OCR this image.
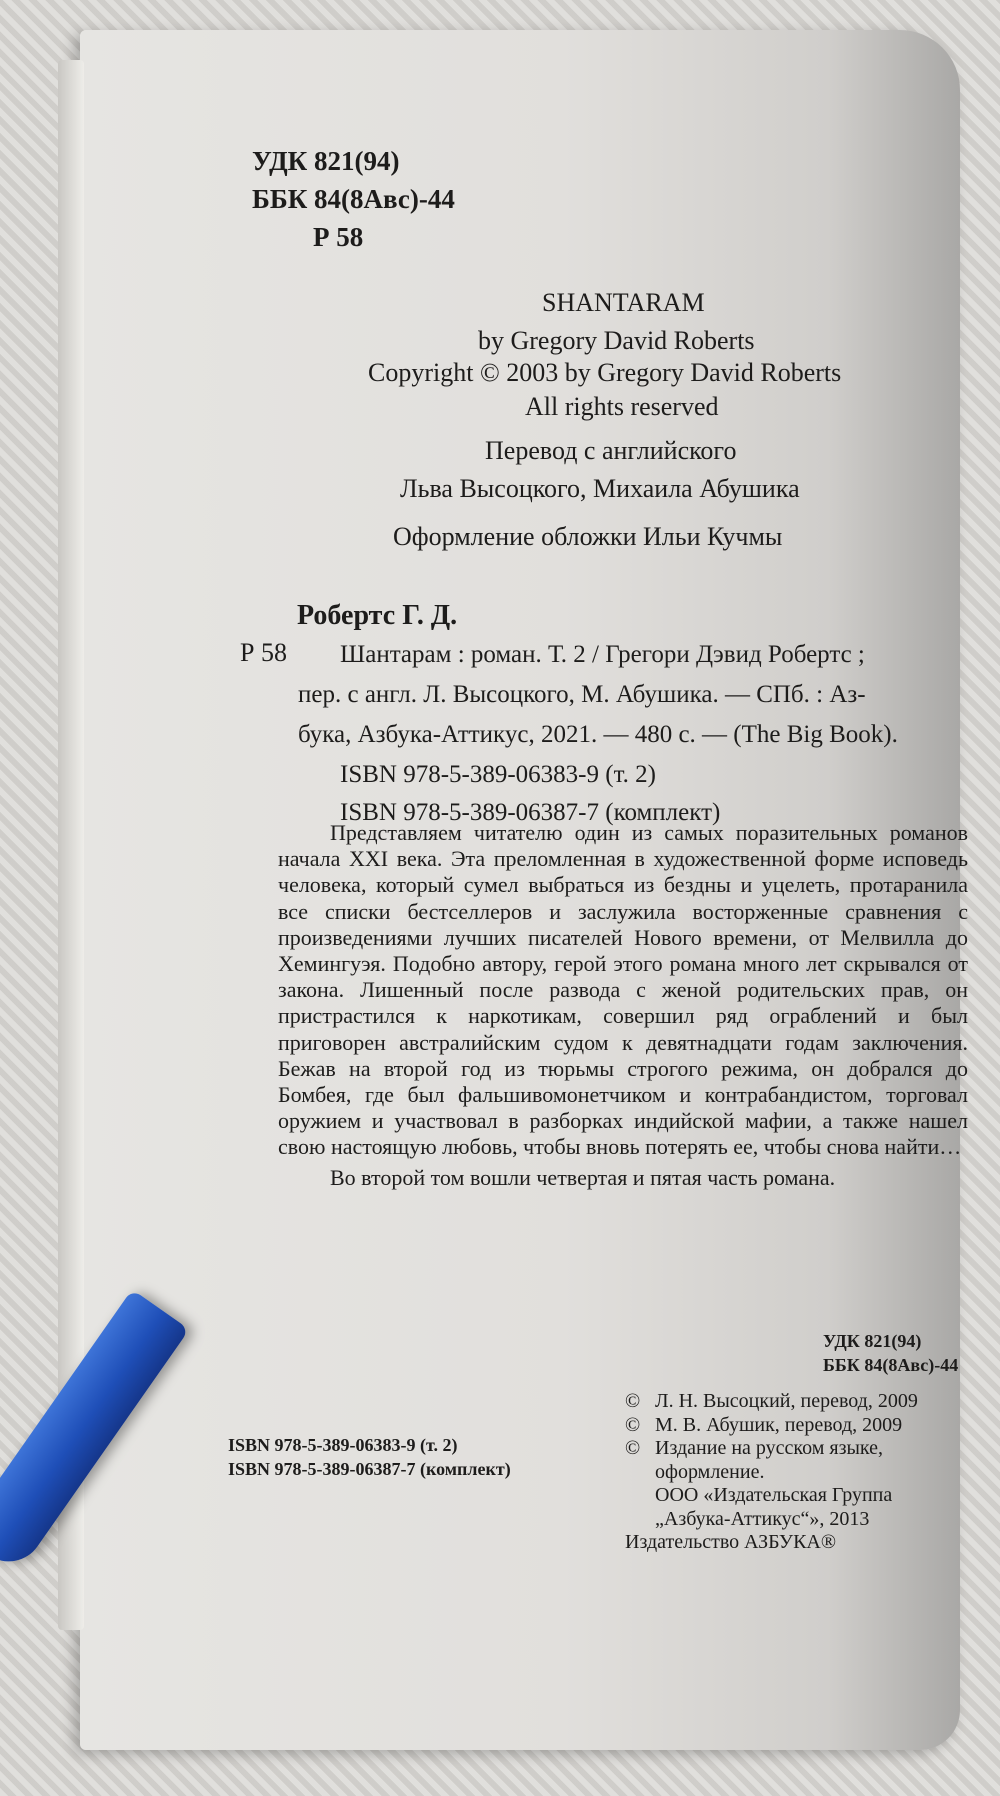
УДК 821(94)
ББК 84(8Авс)-44
Р 58
SHANTARAM
by Gregory David Roberts
Copyright © 2003 by Gregory David Roberts
All rights reserved
Перевод с английского
Льва Высоцкого, Михаила Абушика
Оформление обложки Ильи Кучмы
Робертс Г. Д.
Р 58 Шантарам : роман. Т. 2 / Грегори Дэвид Робертс ;
пер. с англ. Л. Высоцкого, М. Абушика. — СПб. : Аз-
бука, Азбука-Аттикус, 2021. — 480 с. — (The Big Book).
ISBN 978-5-389-06383-9 (т. 2)
ISBN 978-5-389-06387-7 (комплект)

Представляем читателю один из самых поразительных романов начала XXI века. Эта преломленная в художественной форме исповедь человека, который сумел выбраться из бездны и уцелеть, протаранила все списки бестселлеров и заслужила восторженные сравнения с произведениями лучших писателей Нового времени, от Мелвилла до Хемингуэя. Подобно автору, герой этого романа много лет скрывался от закона. Лишенный после развода с женой родительских прав, он пристрастился к наркотикам, совершил ряд ограблений и был приговорен австралийским судом к девятнадцати годам заключения. Бежав на второй год из тюрьмы строгого режима, он добрался до Бомбея, где был фальшивомонетчиком и контрабандистом, торговал оружием и участвовал в разборках индийской мафии, а также нашел свою настоящую любовь, чтобы вновь потерять ее, чтобы снова найти…

Во второй том вошли четвертая и пятая часть романа.

УДК 821(94)
ББК 84(8Авс)-44
ISBN 978-5-389-06383-9 (т. 2)
ISBN 978-5-389-06387-7 (комплект)
© Л. Н. Высоцкий, перевод, 2009
© М. В. Абушик, перевод, 2009
© Издание на русском языке,
оформление.
ООО «Издательская Группа
„Азбука-Аттикус“», 2013
Издательство АЗБУКА®
